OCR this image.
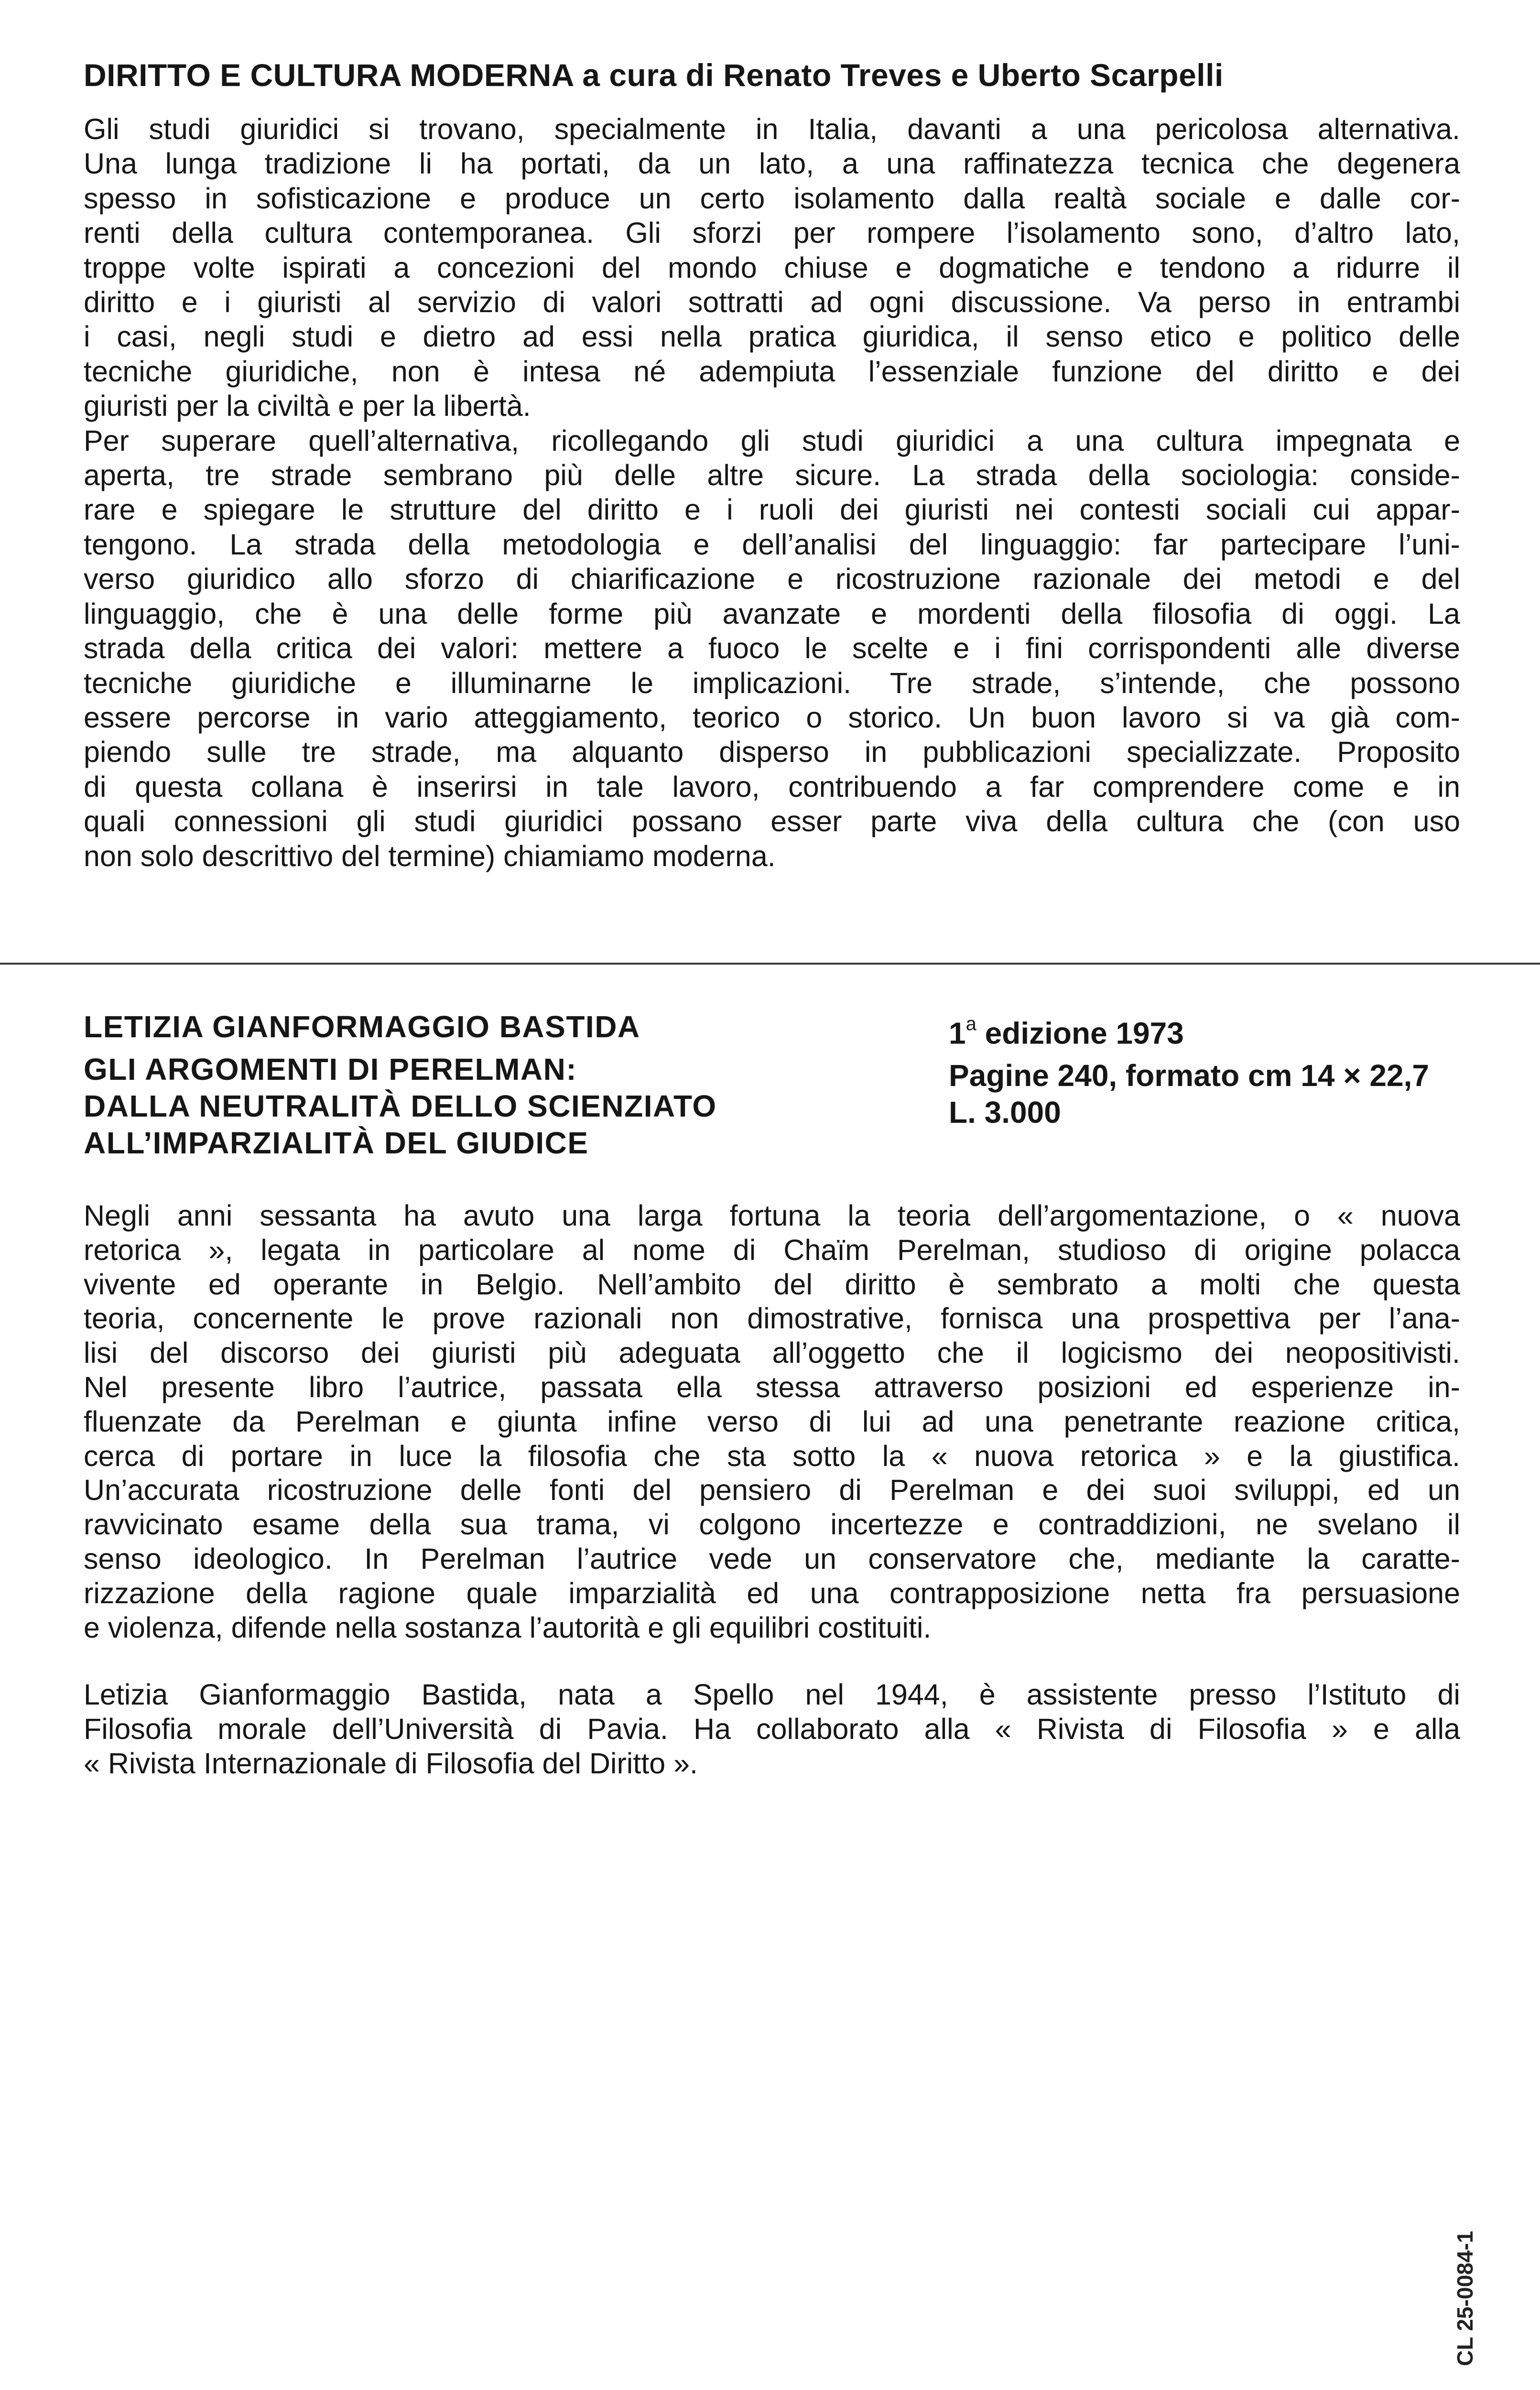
DIRITTO E CULTURA MODERNA a cura di Renato Treves e Uberto Scarpelli
Gli studi giuridici si trovano, specialmente in Italia, davanti a una pericolosa alternativa.
Una lunga tradizione li ha portati, da un lato, a una raffinatezza tecnica che degenera
spesso in sofisticazione e produce un certo isolamento dalla realtà sociale e dalle cor-
renti della cultura contemporanea. Gli sforzi per rompere l’isolamento sono, d’altro lato,
troppe volte ispirati a concezioni del mondo chiuse e dogmatiche e tendono a ridurre il
diritto e i giuristi al servizio di valori sottratti ad ogni discussione. Va perso in entrambi
i casi, negli studi e dietro ad essi nella pratica giuridica, il senso etico e politico delle
tecniche giuridiche, non è intesa né adempiuta l’essenziale funzione del diritto e dei
giuristi per la civiltà e per la libertà.
Per superare quell’alternativa, ricollegando gli studi giuridici a una cultura impegnata e
aperta, tre strade sembrano più delle altre sicure. La strada della sociologia: conside-
rare e spiegare le strutture del diritto e i ruoli dei giuristi nei contesti sociali cui appar-
tengono. La strada della metodologia e dell’analisi del linguaggio: far partecipare l’uni-
verso giuridico allo sforzo di chiarificazione e ricostruzione razionale dei metodi e del
linguaggio, che è una delle forme più avanzate e mordenti della filosofia di oggi. La
strada della critica dei valori: mettere a fuoco le scelte e i fini corrispondenti alle diverse
tecniche giuridiche e illuminarne le implicazioni. Tre strade, s’intende, che possono
essere percorse in vario atteggiamento, teorico o storico. Un buon lavoro si va già com-
piendo sulle tre strade, ma alquanto disperso in pubblicazioni specializzate. Proposito
di questa collana è inserirsi in tale lavoro, contribuendo a far comprendere come e in
quali connessioni gli studi giuridici possano esser parte viva della cultura che (con uso
non solo descrittivo del termine) chiamiamo moderna.
LETIZIA GIANFORMAGGIO BASTIDA
GLI ARGOMENTI DI PERELMAN:
DALLA NEUTRALITÀ DELLO SCIENZIATO
ALL’IMPARZIALITÀ DEL GIUDICE
1$^a$ edizione 1973
Pagine 240, formato cm 14 × 22,7
L. 3.000
Negli anni sessanta ha avuto una larga fortuna la teoria dell’argomentazione, o « nuova
retorica », legata in particolare al nome di Chaïm Perelman, studioso di origine polacca
vivente ed operante in Belgio. Nell’ambito del diritto è sembrato a molti che questa
teoria, concernente le prove razionali non dimostrative, fornisca una prospettiva per l’ana-
lisi del discorso dei giuristi più adeguata all’oggetto che il logicismo dei neopositivisti.
Nel presente libro l’autrice, passata ella stessa attraverso posizioni ed esperienze in-
fluenzate da Perelman e giunta infine verso di lui ad una penetrante reazione critica,
cerca di portare in luce la filosofia che sta sotto la « nuova retorica » e la giustifica.
Un’accurata ricostruzione delle fonti del pensiero di Perelman e dei suoi sviluppi, ed un
ravvicinato esame della sua trama, vi colgono incertezze e contraddizioni, ne svelano il
senso ideologico. In Perelman l’autrice vede un conservatore che, mediante la caratte-
rizzazione della ragione quale imparzialità ed una contrapposizione netta fra persuasione
e violenza, difende nella sostanza l’autorità e gli equilibri costituiti.
Letizia Gianformaggio Bastida, nata a Spello nel 1944, è assistente presso l’Istituto di
Filosofia morale dell’Università di Pavia. Ha collaborato alla « Rivista di Filosofia » e alla
« Rivista Internazionale di Filosofia del Diritto ».
CL 25-0084-1
